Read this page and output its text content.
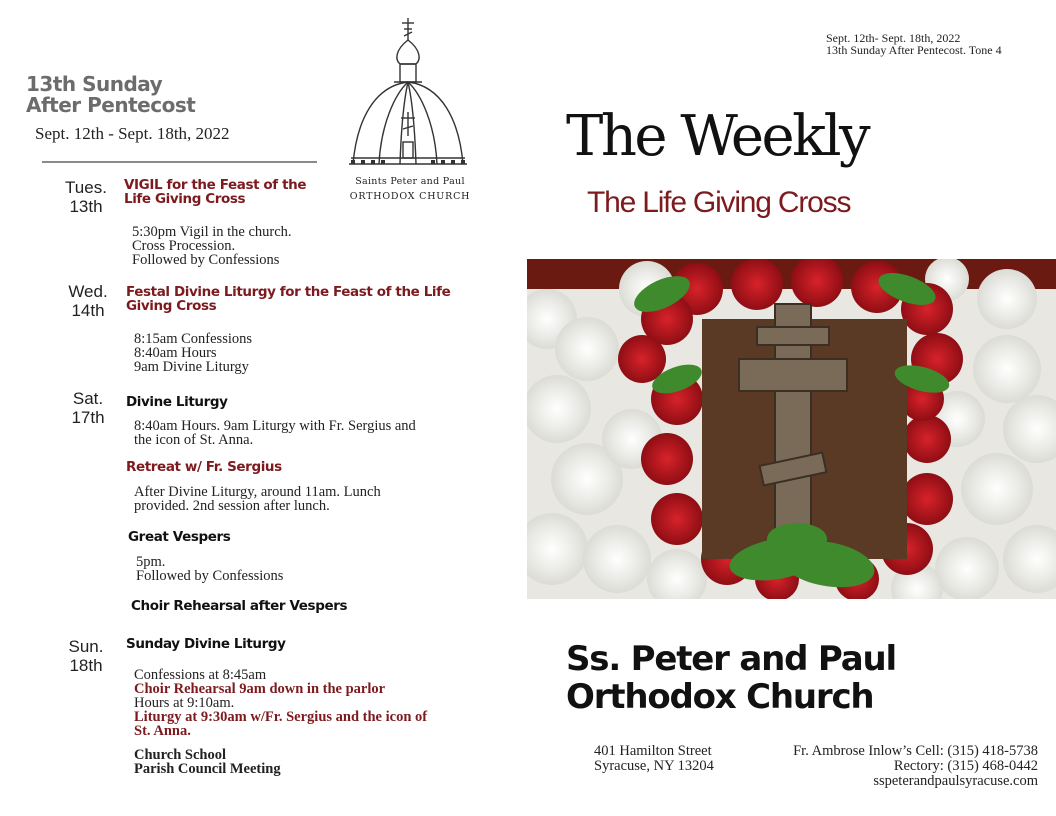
Sept. 12th- Sept. 18th, 2022
13th Sunday After Pentecost. Tone 4
13th Sunday
After Pentecost
Sept. 12th - Sept. 18th, 2022
Saints Peter and Paul
ORTHODOX CHURCH
Tues.
13th
VIGIL for the Feast of the
Life Giving Cross
5:30pm Vigil in the church.
Cross Procession.
Followed by Confessions
Wed.
14th
Festal Divine Liturgy for the Feast of the Life
Giving Cross
8:15am Confessions
8:40am Hours
9am Divine Liturgy
Sat.
17th
Divine Liturgy
8:40am Hours. 9am Liturgy with Fr. Sergius and
the icon of St. Anna.
Retreat w/ Fr. Sergius
After Divine Liturgy, around 11am. Lunch
provided. 2nd session after lunch.
Great Vespers
5pm.
Followed by Confessions
Choir Rehearsal after Vespers
Sun.
18th
Sunday Divine Liturgy
Confessions at 8:45am
Choir Rehearsal 9am down in the parlor
Hours at 9:10am.
Liturgy at 9:30am w/Fr. Sergius and the icon of
St. Anna.
Church School
Parish Council Meeting
The Weekly
The Life Giving Cross
Ss. Peter and Paul
Orthodox Church
401 Hamilton Street
Syracuse, NY 13204
Fr. Ambrose Inlow’s Cell: (315) 418-5738
Rectory: (315) 468-0442
sspeterandpaulsyracuse.com
